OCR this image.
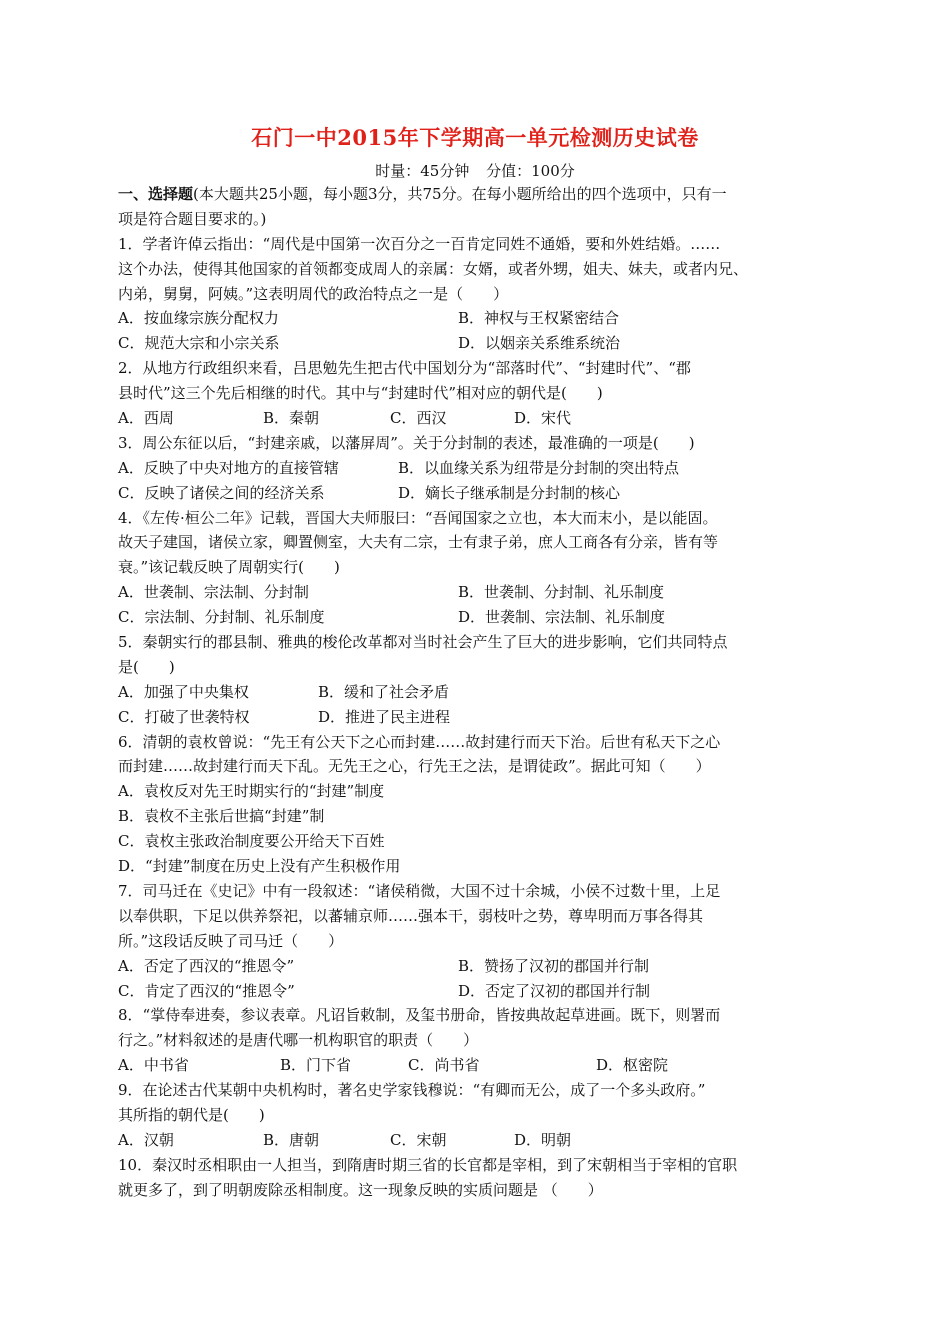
石门一中2015年下学期高一单元检测历史试卷
时量：45分钟 分值：100分
一、选择题(本大题共25小题，每小题3分，共75分。在每小题所给出的四个选项中，只有一
项是符合题目要求的。)
1．学者许倬云指出：“周代是中国第一次百分之一百肯定同姓不通婚，要和外姓结婚。……
这个办法，使得其他国家的首领都变成周人的亲属：女婿，或者外甥，姐夫、妹夫，或者内兄、
内弟，舅舅，阿姨。”这表明周代的政治特点之一是（　　）
A．按血缘宗族分配权力	B．神权与王权紧密结合
C．规范大宗和小宗关系	D．以姻亲关系维系统治
2．从地方行政组织来看，吕思勉先生把古代中国划分为“部落时代”、“封建时代”、“郡
县时代”这三个先后相继的时代。其中与“封建时代”相对应的朝代是(　　)
A．西周	B．秦朝	C．西汉	D．宋代
3．周公东征以后，“封建亲戚，以藩屏周”。关于分封制的表述，最准确的一项是(　　)
A．反映了中央对地方的直接管辖	B．以血缘关系为纽带是分封制的突出特点
C．反映了诸侯之间的经济关系	D．嫡长子继承制是分封制的核心
4．《左传·桓公二年》记载，晋国大夫师服曰：“吾闻国家之立也，本大而末小，是以能固。
故天子建国，诸侯立家，卿置侧室，大夫有二宗，士有隶子弟，庶人工商各有分亲，皆有等
衰。”该记载反映了周朝实行(　　)
A．世袭制、宗法制、分封制	B．世袭制、分封制、礼乐制度
C．宗法制、分封制、礼乐制度	D．世袭制、宗法制、礼乐制度
5．秦朝实行的郡县制、雅典的梭伦改革都对当时社会产生了巨大的进步影响，它们共同特点
是(　　)
A．加强了中央集权	B．缓和了社会矛盾
C．打破了世袭特权	D．推进了民主进程
6．清朝的袁枚曾说：“先王有公天下之心而封建……故封建行而天下治。后世有私天下之心
而封建……故封建行而天下乱。无先王之心，行先王之法，是谓徒政”。据此可知（　　）
A．袁枚反对先王时期实行的“封建”制度
B．袁枚不主张后世搞“封建”制
C．袁枚主张政治制度要公开给天下百姓
D．“封建”制度在历史上没有产生积极作用
7．司马迁在《史记》中有一段叙述：“诸侯稍微，大国不过十余城，小侯不过数十里，上足
以奉供职，下足以供养祭祀，以蕃辅京师……强本干，弱枝叶之势，尊卑明而万事各得其
所。”这段话反映了司马迁（　　）
A．否定了西汉的“推恩令”	B．赞扬了汉初的郡国并行制
C．肯定了西汉的“推恩令”	D．否定了汉初的郡国并行制
8．“掌侍奉进奏，参议表章。凡诏旨敕制，及玺书册命，皆按典故起草进画。既下，则署而
行之。”材料叙述的是唐代哪一机构职官的职责（　　）
A．中书省	B．门下省	C．尚书省	D．枢密院
9．在论述古代某朝中央机构时，著名史学家钱穆说：“有卿而无公，成了一个多头政府。”
其所指的朝代是(　　)
A．汉朝	B．唐朝	C．宋朝	D．明朝
10．秦汉时丞相职由一人担当，到隋唐时期三省的长官都是宰相，到了宋朝相当于宰相的官职
就更多了，到了明朝废除丞相制度。这一现象反映的实质问题是 （　　）
